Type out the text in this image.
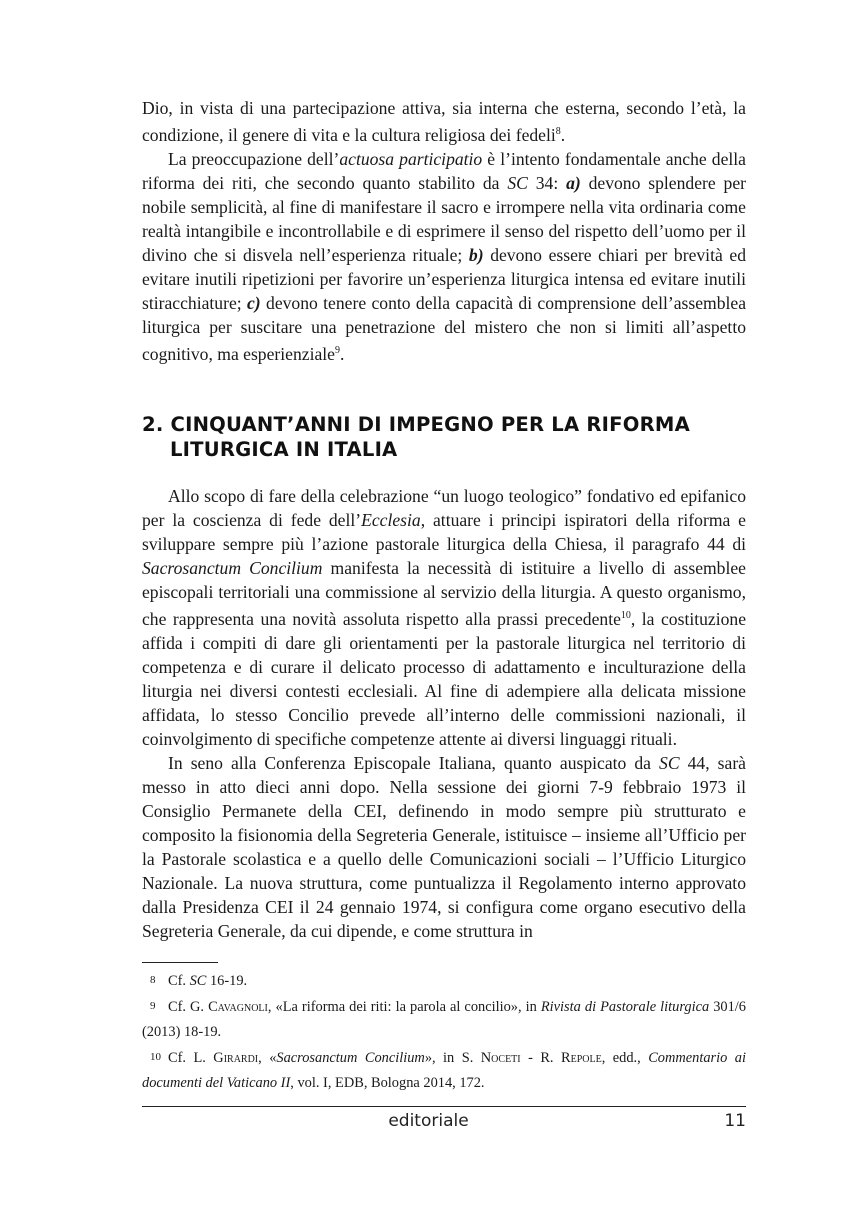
Dio, in vista di una partecipazione attiva, sia interna che esterna, secondo l’età, la condizione, il genere di vita e la cultura religiosa dei fedeli$^8$.

La preoccupazione dell’actuosa participatio è l’intento fondamentale anche della riforma dei riti, che secondo quanto stabilito da SC 34: a) devono splendere per nobile semplicità, al fine di manifestare il sacro e irrompere nella vita ordinaria come realtà intangibile e incontrollabile e di esprimere il senso del rispetto dell’uomo per il divino che si disvela nell’esperienza rituale; b) devono essere chiari per brevità ed evitare inutili ripetizioni per favorire un’esperienza liturgica intensa ed evitare inutili stiracchiature; c) devono tenere conto della capacità di comprensione dell’assemblea liturgica per suscitare una penetrazione del mistero che non si limiti all’aspetto cognitivo, ma esperienziale$^9$.

2. CINQUANT’ANNI DI IMPEGNO PER LA RIFORMA
LITURGICA IN ITALIA

Allo scopo di fare della celebrazione “un luogo teologico” fondativo ed epifanico per la coscienza di fede dell’Ecclesia, attuare i principi ispiratori della riforma e sviluppare sempre più l’azione pastorale liturgica della Chiesa, il paragrafo 44 di Sacrosanctum Concilium manifesta la necessità di istituire a livello di assemblee episcopali territoriali una commissione al servizio della liturgia. A questo organismo, che rappresenta una novità assoluta rispetto alla prassi precedente$^{10}$, la costituzione affida i compiti di dare gli orientamenti per la pastorale liturgica nel territorio di competenza e di curare il delicato processo di adattamento e inculturazione della liturgia nei diversi contesti ecclesiali. Al fine di adempiere alla delicata missione affidata, lo stesso Concilio prevede all’interno delle commissioni nazionali, il coinvolgimento di specifiche competenze attente ai diversi linguaggi rituali.

In seno alla Conferenza Episcopale Italiana, quanto auspicato da SC 44, sarà messo in atto dieci anni dopo. Nella sessione dei giorni 7-9 febbraio 1973 il Consiglio Permanete della CEI, definendo in modo sempre più strutturato e composito la fisionomia della Segreteria Generale, istituisce – insieme all’Ufficio per la Pastorale scolastica e a quello delle Comunicazioni sociali – l’Ufficio Liturgico Nazionale. La nuova struttura, come puntualizza il Regolamento interno approvato dalla Presidenza CEI il 24 gennaio 1974, si configura come organo esecutivo della Segreteria Generale, da cui dipende, e come struttura in

8 Cf. SC 16-19.

9 Cf. G. Cavagnoli, «La riforma dei riti: la parola al concilio», in Rivista di Pastorale liturgica 301/6 (2013) 18-19.

10 Cf. L. Girardi, «Sacrosanctum Concilium», in S. Noceti - R. Repole, edd., Commentario ai documenti del Vaticano II, vol. I, EDB, Bologna 2014, 172.

editoriale	11
